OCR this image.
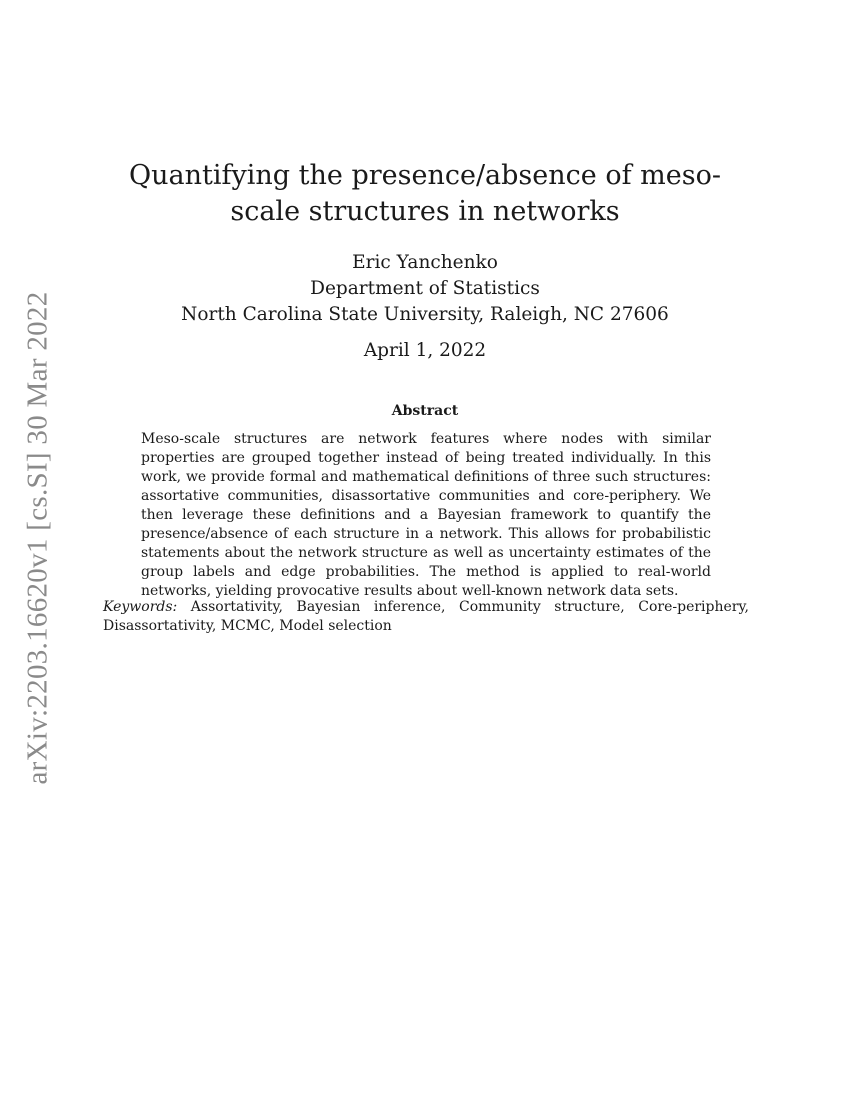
arXiv:2203.16620v1 [cs.SI] 30 Mar 2022
Quantifying the presence/absence of meso-scale structures in networks
Eric Yanchenko
Department of Statistics
North Carolina State University, Raleigh, NC 27606
April 1, 2022
Abstract
Meso-scale structures are network features where nodes with similar properties are grouped together instead of being treated individually. In this work, we provide formal and mathematical definitions of three such structures: assortative communities, disassortative communities and core-periphery. We then leverage these definitions and a Bayesian framework to quantify the presence/absence of each structure in a network. This allows for probabilistic statements about the network structure as well as uncertainty estimates of the group labels and edge probabilities. The method is applied to real-world networks, yielding provocative results about well-known network data sets.
Keywords: Assortativity, Bayesian inference, Community structure, Core-periphery, Disassortativity, MCMC, Model selection
